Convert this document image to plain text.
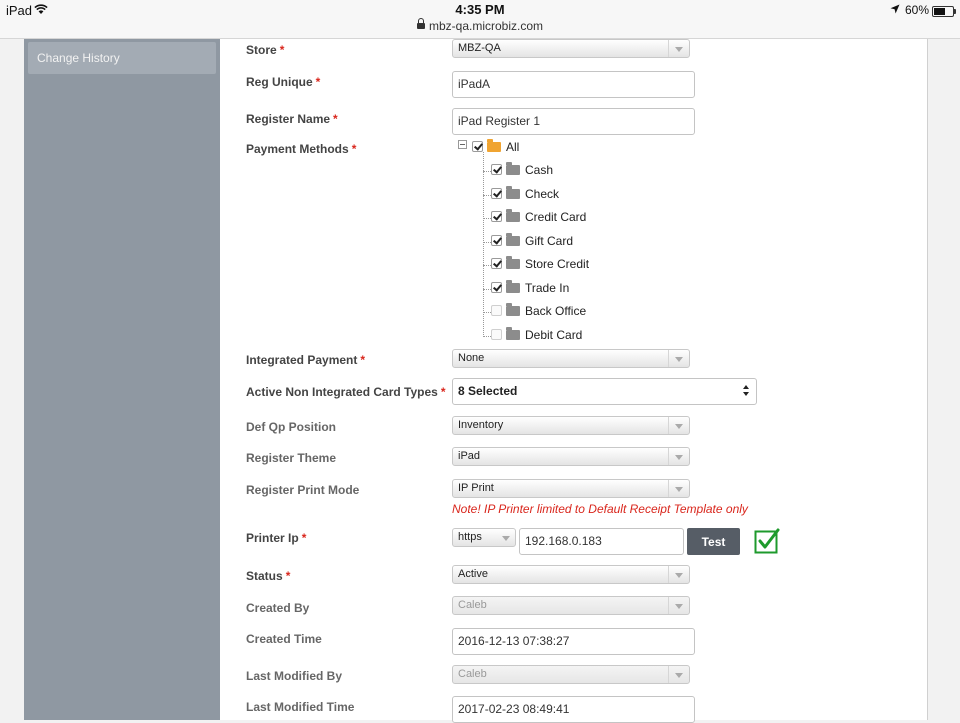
iPad	4:35 PM
mbz-qa.microbiz.com
60%
Change History
Store *	MBZ-QA
Reg Unique *	iPadA
Register Name *	iPad Register 1
Payment Methods *	All
Cash
Check
Credit Card
Gift Card
Store Credit
Trade In
Back Office
Debit Card
Integrated Payment *	None
Active Non Integrated Card Types *	8 Selected
Def Qp Position	Inventory
Register Theme	iPad
Register Print Mode	IP Print
Note! IP Printer limited to Default Receipt Template only
Printer Ip *	https	192.168.0.183	Test
Status *	Active
Created By	Caleb
Created Time	2016-12-13 07:38:27
Last Modified By	Caleb
Last Modified Time	2017-02-23 08:49:41
